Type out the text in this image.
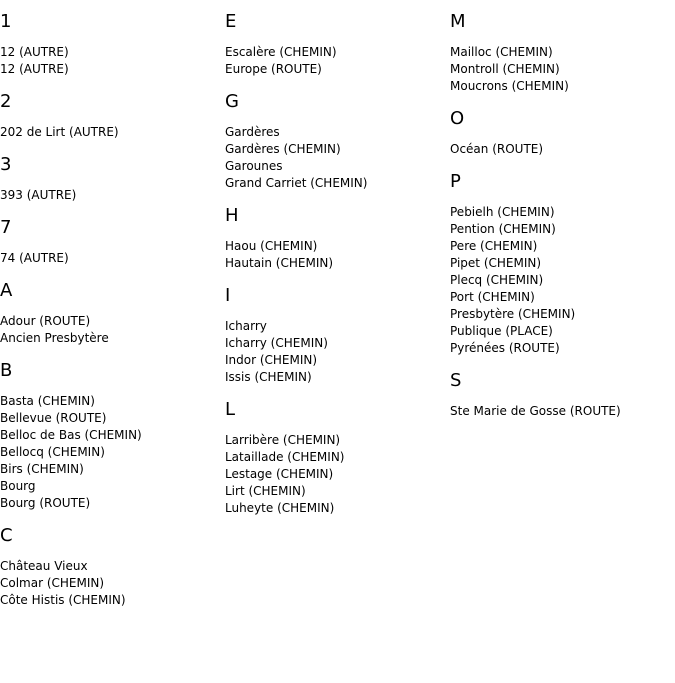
1
12 (AUTRE)
12 (AUTRE)
2
202 de Lirt (AUTRE)
3
393 (AUTRE)
7
74 (AUTRE)
A
Adour (ROUTE)
Ancien Presbytère
B
Basta (CHEMIN)
Bellevue (ROUTE)
Belloc de Bas (CHEMIN)
Bellocq (CHEMIN)
Birs (CHEMIN)
Bourg
Bourg (ROUTE)
C
Château Vieux
Colmar (CHEMIN)
Côte Histis (CHEMIN)
E
Escalère (CHEMIN)
Europe (ROUTE)
G
Gardères
Gardères (CHEMIN)
Garounes
Grand Carriet (CHEMIN)
H
Haou (CHEMIN)
Hautain (CHEMIN)
I
Icharry
Icharry (CHEMIN)
Indor (CHEMIN)
Issis (CHEMIN)
L
Larribère (CHEMIN)
Lataillade (CHEMIN)
Lestage (CHEMIN)
Lirt (CHEMIN)
Luheyte (CHEMIN)
M
Mailloc (CHEMIN)
Montroll (CHEMIN)
Moucrons (CHEMIN)
O
Océan (ROUTE)
P
Pebielh (CHEMIN)
Pention (CHEMIN)
Pere (CHEMIN)
Pipet (CHEMIN)
Plecq (CHEMIN)
Port (CHEMIN)
Presbytère (CHEMIN)
Publique (PLACE)
Pyrénées (ROUTE)
S
Ste Marie de Gosse (ROUTE)
